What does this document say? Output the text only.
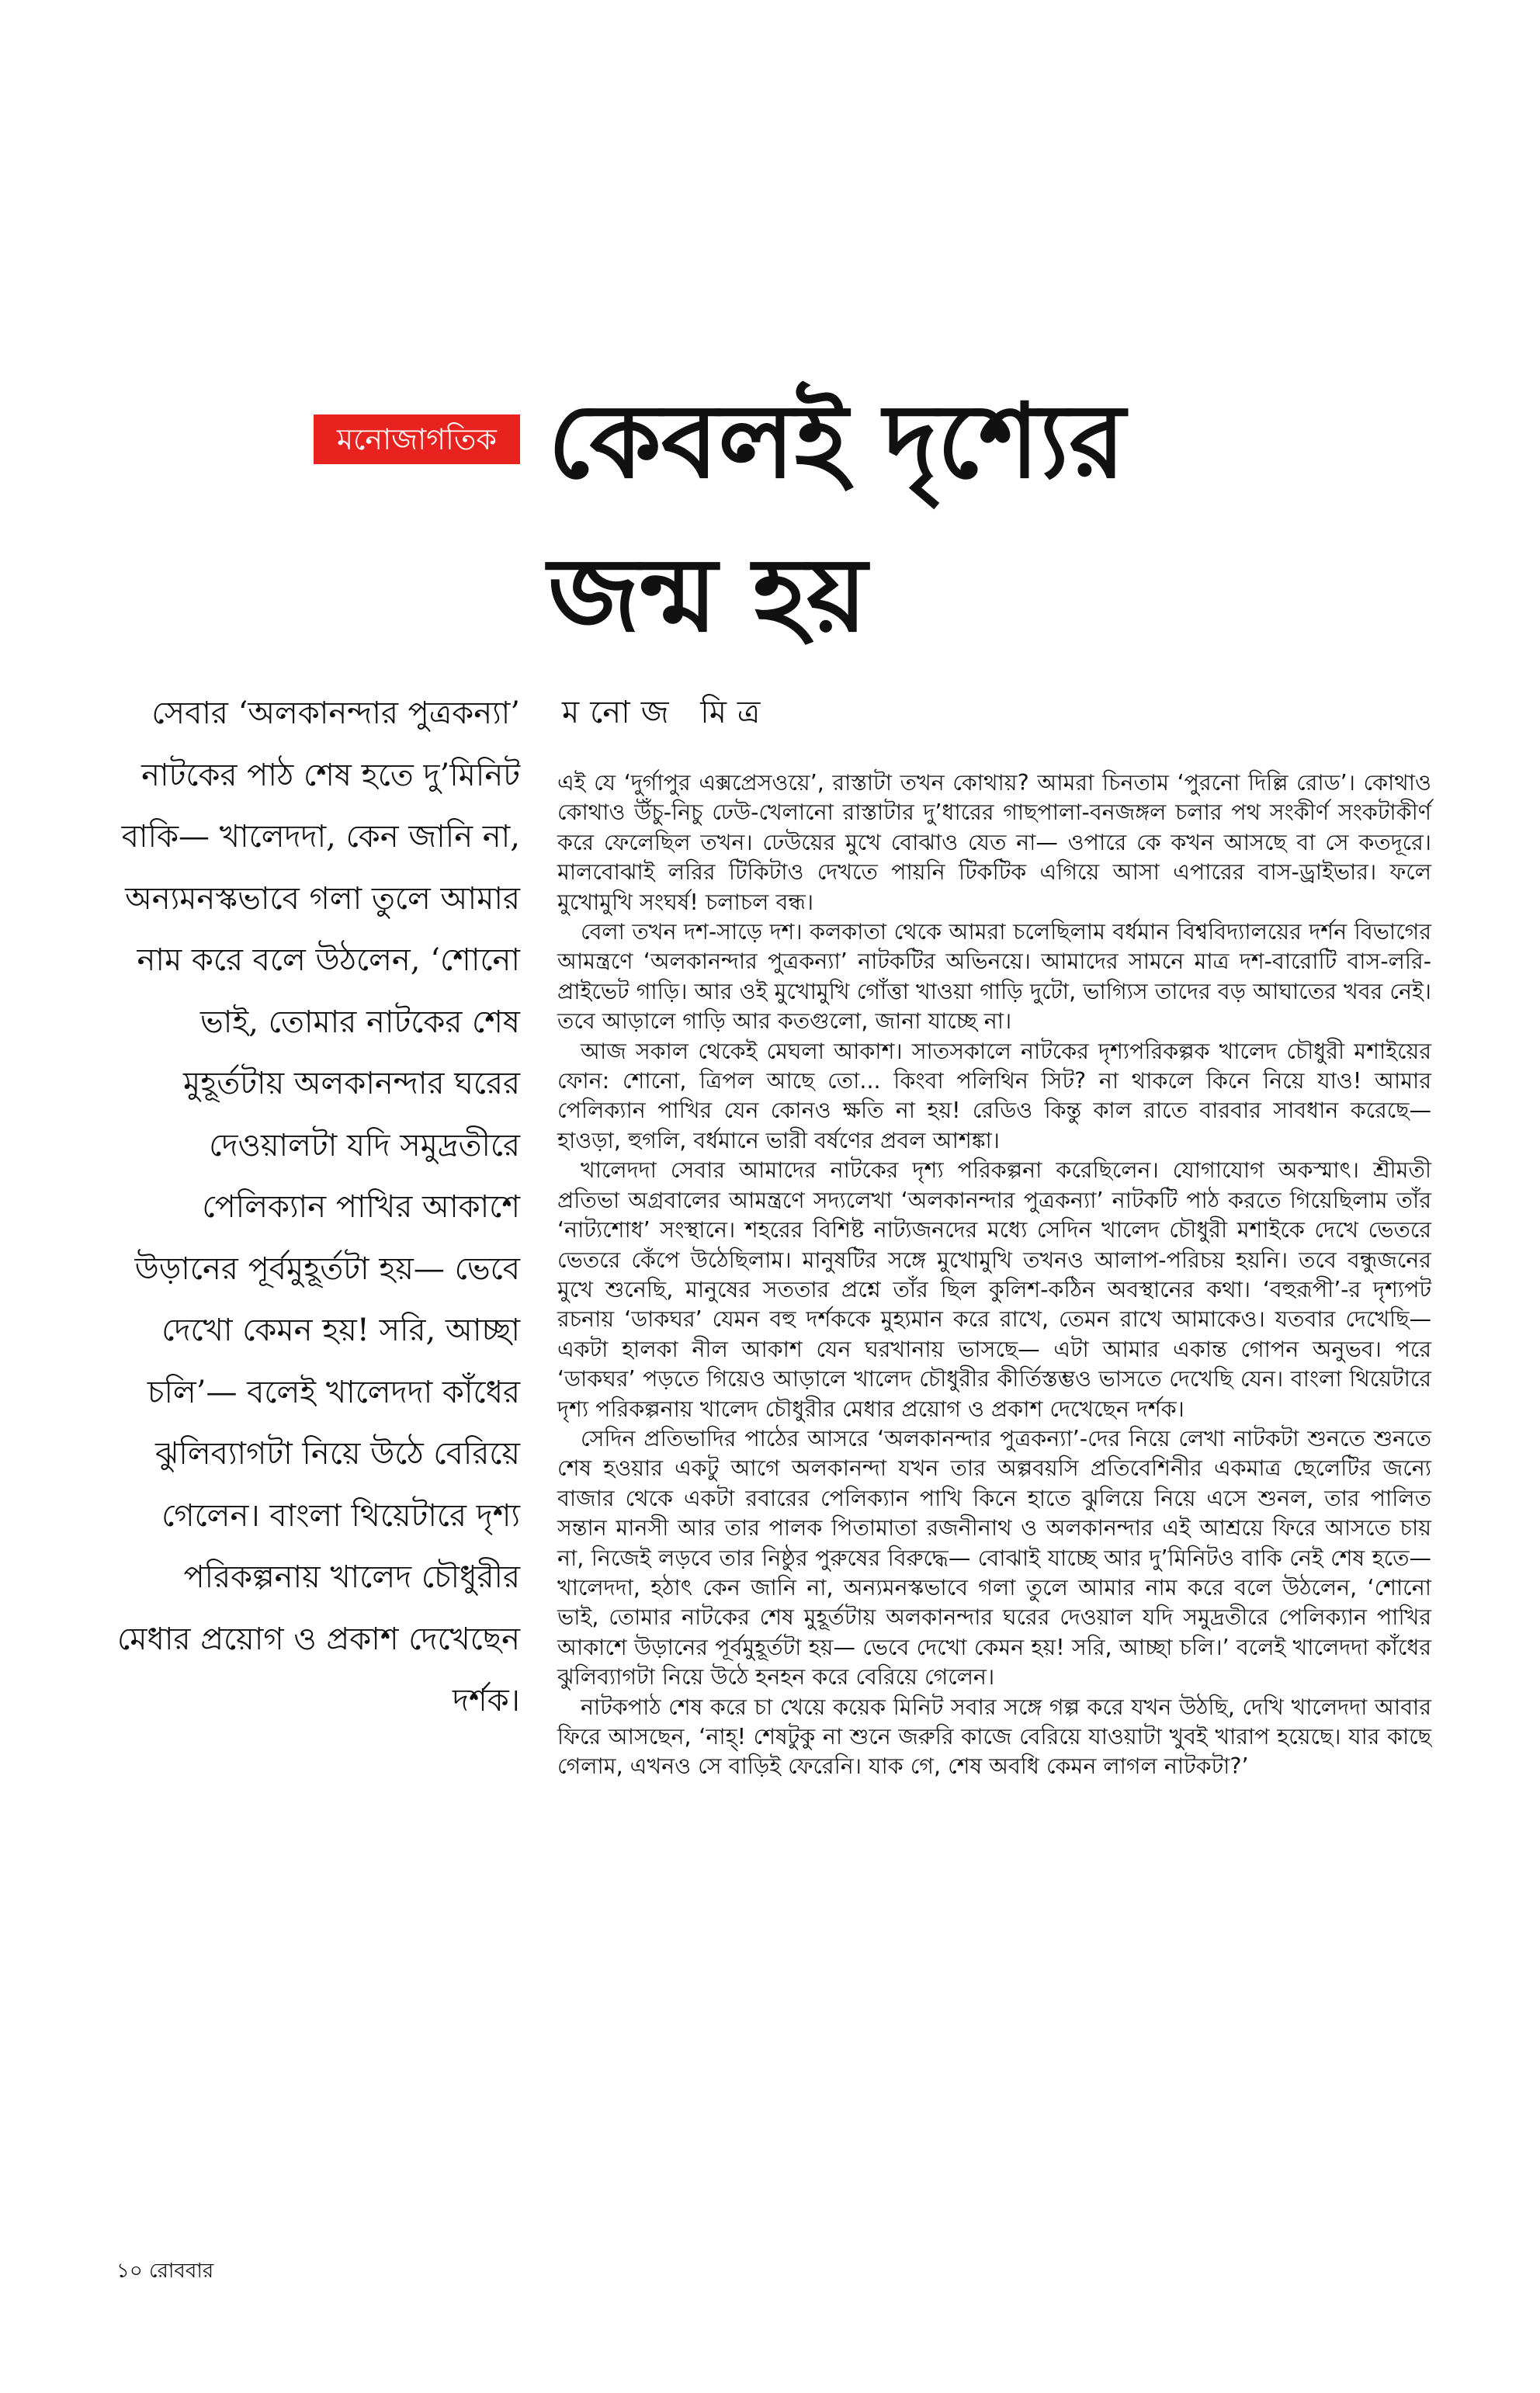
মনোজাগতিক কেবলই দৃশ্যের জন্ম হয়
মনোজ মিত্র
সেবার ‘অলকানন্দার পুত্রকন্যা’ নাটকের পাঠ শেষ হতে দু’মিনিট বাকি— খালেদদা, কেন জানি না, অন্যমনস্কভাবে গলা তুলে আমার নাম করে বলে উঠলেন, ‘শোনো ভাই, তোমার নাটকের শেষ মুহূর্তটায় অলকানন্দার ঘরের দেওয়ালটা যদি সমুদ্রতীরে পেলিক্যান পাখির আকাশে উড়ানের পূর্বমুহূর্তটা হয়— ভেবে দেখো কেমন হয়! সরি, আচ্ছা চলি’— বলেই খালেদদা কাঁধের ঝুলিব্যাগটা নিয়ে উঠে বেরিয়ে গেলেন। বাংলা থিয়েটারে দৃশ্য পরিকল্পনায় খালেদ চৌধুরীর মেধার প্রয়োগ ও প্রকাশ দেখেছেন দর্শক।

এই যে ‘দুর্গাপুর এক্সপ্রেসওয়ে’, রাস্তাটা তখন কোথায়? আমরা চিনতাম ‘পুরনো দিল্লি রোড’। কোথাও কোথাও উঁচু-নিচু ঢেউ-খেলানো রাস্তাটার দু’ধারের গাছপালা-বনজঙ্গল চলার পথ সংকীর্ণ সংকটাকীর্ণ করে ফেলেছিল তখন। ঢেউয়ের মুখে বোঝাও যেত না— ওপারে কে কখন আসছে বা সে কতদূরে। মালবোঝাই লরির টিকিটাও দেখতে পায়নি টিকটিক এগিয়ে আসা এপারের বাস-ড্রাইভার। ফলে মুখোমুখি সংঘর্ষ! চলাচল বন্ধ।

বেলা তখন দশ-সাড়ে দশ। কলকাতা থেকে আমরা চলেছিলাম বর্ধমান বিশ্ববিদ্যালয়ের দর্শন বিভাগের আমন্ত্রণে ‘অলকানন্দার পুত্রকন্যা’ নাটকটির অভিনয়ে। আমাদের সামনে মাত্র দশ-বারোটি বাস-লরি-প্রাইভেট গাড়ি। আর ওই মুখোমুখি গোঁত্তা খাওয়া গাড়ি দুটো, ভাগ্যিস তাদের বড় আঘাতের খবর নেই। তবে আড়ালে গাড়ি আর কতগুলো, জানা যাচ্ছে না।

আজ সকাল থেকেই মেঘলা আকাশ। সাতসকালে নাটকের দৃশ্যপরিকল্পক খালেদ চৌধুরী মশাইয়ের ফোন: শোনো, ত্রিপল আছে তো... কিংবা পলিথিন সিট? না থাকলে কিনে নিয়ে যাও! আমার পেলিক্যান পাখির যেন কোনও ক্ষতি না হয়! রেডিও কিন্তু কাল রাতে বারবার সাবধান করেছে— হাওড়া, হুগলি, বর্ধমানে ভারী বর্ষণের প্রবল আশঙ্কা।

খালেদদা সেবার আমাদের নাটকের দৃশ্য পরিকল্পনা করেছিলেন। যোগাযোগ অকস্মাৎ। শ্রীমতী প্রতিভা অগ্রবালের আমন্ত্রণে সদ্যলেখা ‘অলকানন্দার পুত্রকন্যা’ নাটকটি পাঠ করতে গিয়েছিলাম তাঁর ‘নাট্যশোধ’ সংস্থানে। শহরের বিশিষ্ট নাট্যজনদের মধ্যে সেদিন খালেদ চৌধুরী মশাইকে দেখে ভেতরে ভেতরে কেঁপে উঠেছিলাম। মানুষটির সঙ্গে মুখোমুখি তখনও আলাপ-পরিচয় হয়নি। তবে বন্ধুজনের মুখে শুনেছি, মানুষের সততার প্রশ্নে তাঁর ছিল কুলিশ-কঠিন অবস্থানের কথা। ‘বহুরূপী’-র দৃশ্যপট রচনায় ‘ডাকঘর’ যেমন বহু দর্শককে মুহ্যমান করে রাখে, তেমন রাখে আমাকেও। যতবার দেখেছি— একটা হালকা নীল আকাশ যেন ঘরখানায় ভাসছে— এটা আমার একান্ত গোপন অনুভব। পরে ‘ডাকঘর’ পড়তে গিয়েও আড়ালে খালেদ চৌধুরীর কীর্তিস্তম্ভও ভাসতে দেখেছি যেন। বাংলা থিয়েটারে দৃশ্য পরিকল্পনায় খালেদ চৌধুরীর মেধার প্রয়োগ ও প্রকাশ দেখেছেন দর্শক।

সেদিন প্রতিভাদির পাঠের আসরে ‘অলকানন্দার পুত্রকন্যা’-দের নিয়ে লেখা নাটকটা শুনতে শুনতে শেষ হওয়ার একটু আগে অলকানন্দা যখন তার অল্পবয়সি প্রতিবেশিনীর একমাত্র ছেলেটির জন্যে বাজার থেকে একটা রবারের পেলিক্যান পাখি কিনে হাতে ঝুলিয়ে নিয়ে এসে শুনল, তার পালিত সন্তান মানসী আর তার পালক পিতামাতা রজনীনাথ ও অলকানন্দার এই আশ্রয়ে ফিরে আসতে চায় না, নিজেই লড়বে তার নিষ্ঠুর পুরুষের বিরুদ্ধে— বোঝাই যাচ্ছে আর দু’মিনিটও বাকি নেই শেষ হতে— খালেদদা, হঠাৎ কেন জানি না, অন্যমনস্কভাবে গলা তুলে আমার নাম করে বলে উঠলেন, ‘শোনো ভাই, তোমার নাটকের শেষ মুহূর্তটায় অলকানন্দার ঘরের দেওয়াল যদি সমুদ্রতীরে পেলিক্যান পাখির আকাশে উড়ানের পূর্বমুহূর্তটা হয়— ভেবে দেখো কেমন হয়! সরি, আচ্ছা চলি।’ বলেই খালেদদা কাঁধের ঝুলিব্যাগটা নিয়ে উঠে হনহন করে বেরিয়ে গেলেন।

নাটকপাঠ শেষ করে চা খেয়ে কয়েক মিনিট সবার সঙ্গে গল্প করে যখন উঠছি, দেখি খালেদদা আবার ফিরে আসছেন, ‘নাহ্! শেষটুকু না শুনে জরুরি কাজে বেরিয়ে যাওয়াটা খুবই খারাপ হয়েছে। যার কাছে গেলাম, এখনও সে বাড়িই ফেরেনি। যাক গে, শেষ অবধি কেমন লাগল নাটকটা?’

১০ রোববার
